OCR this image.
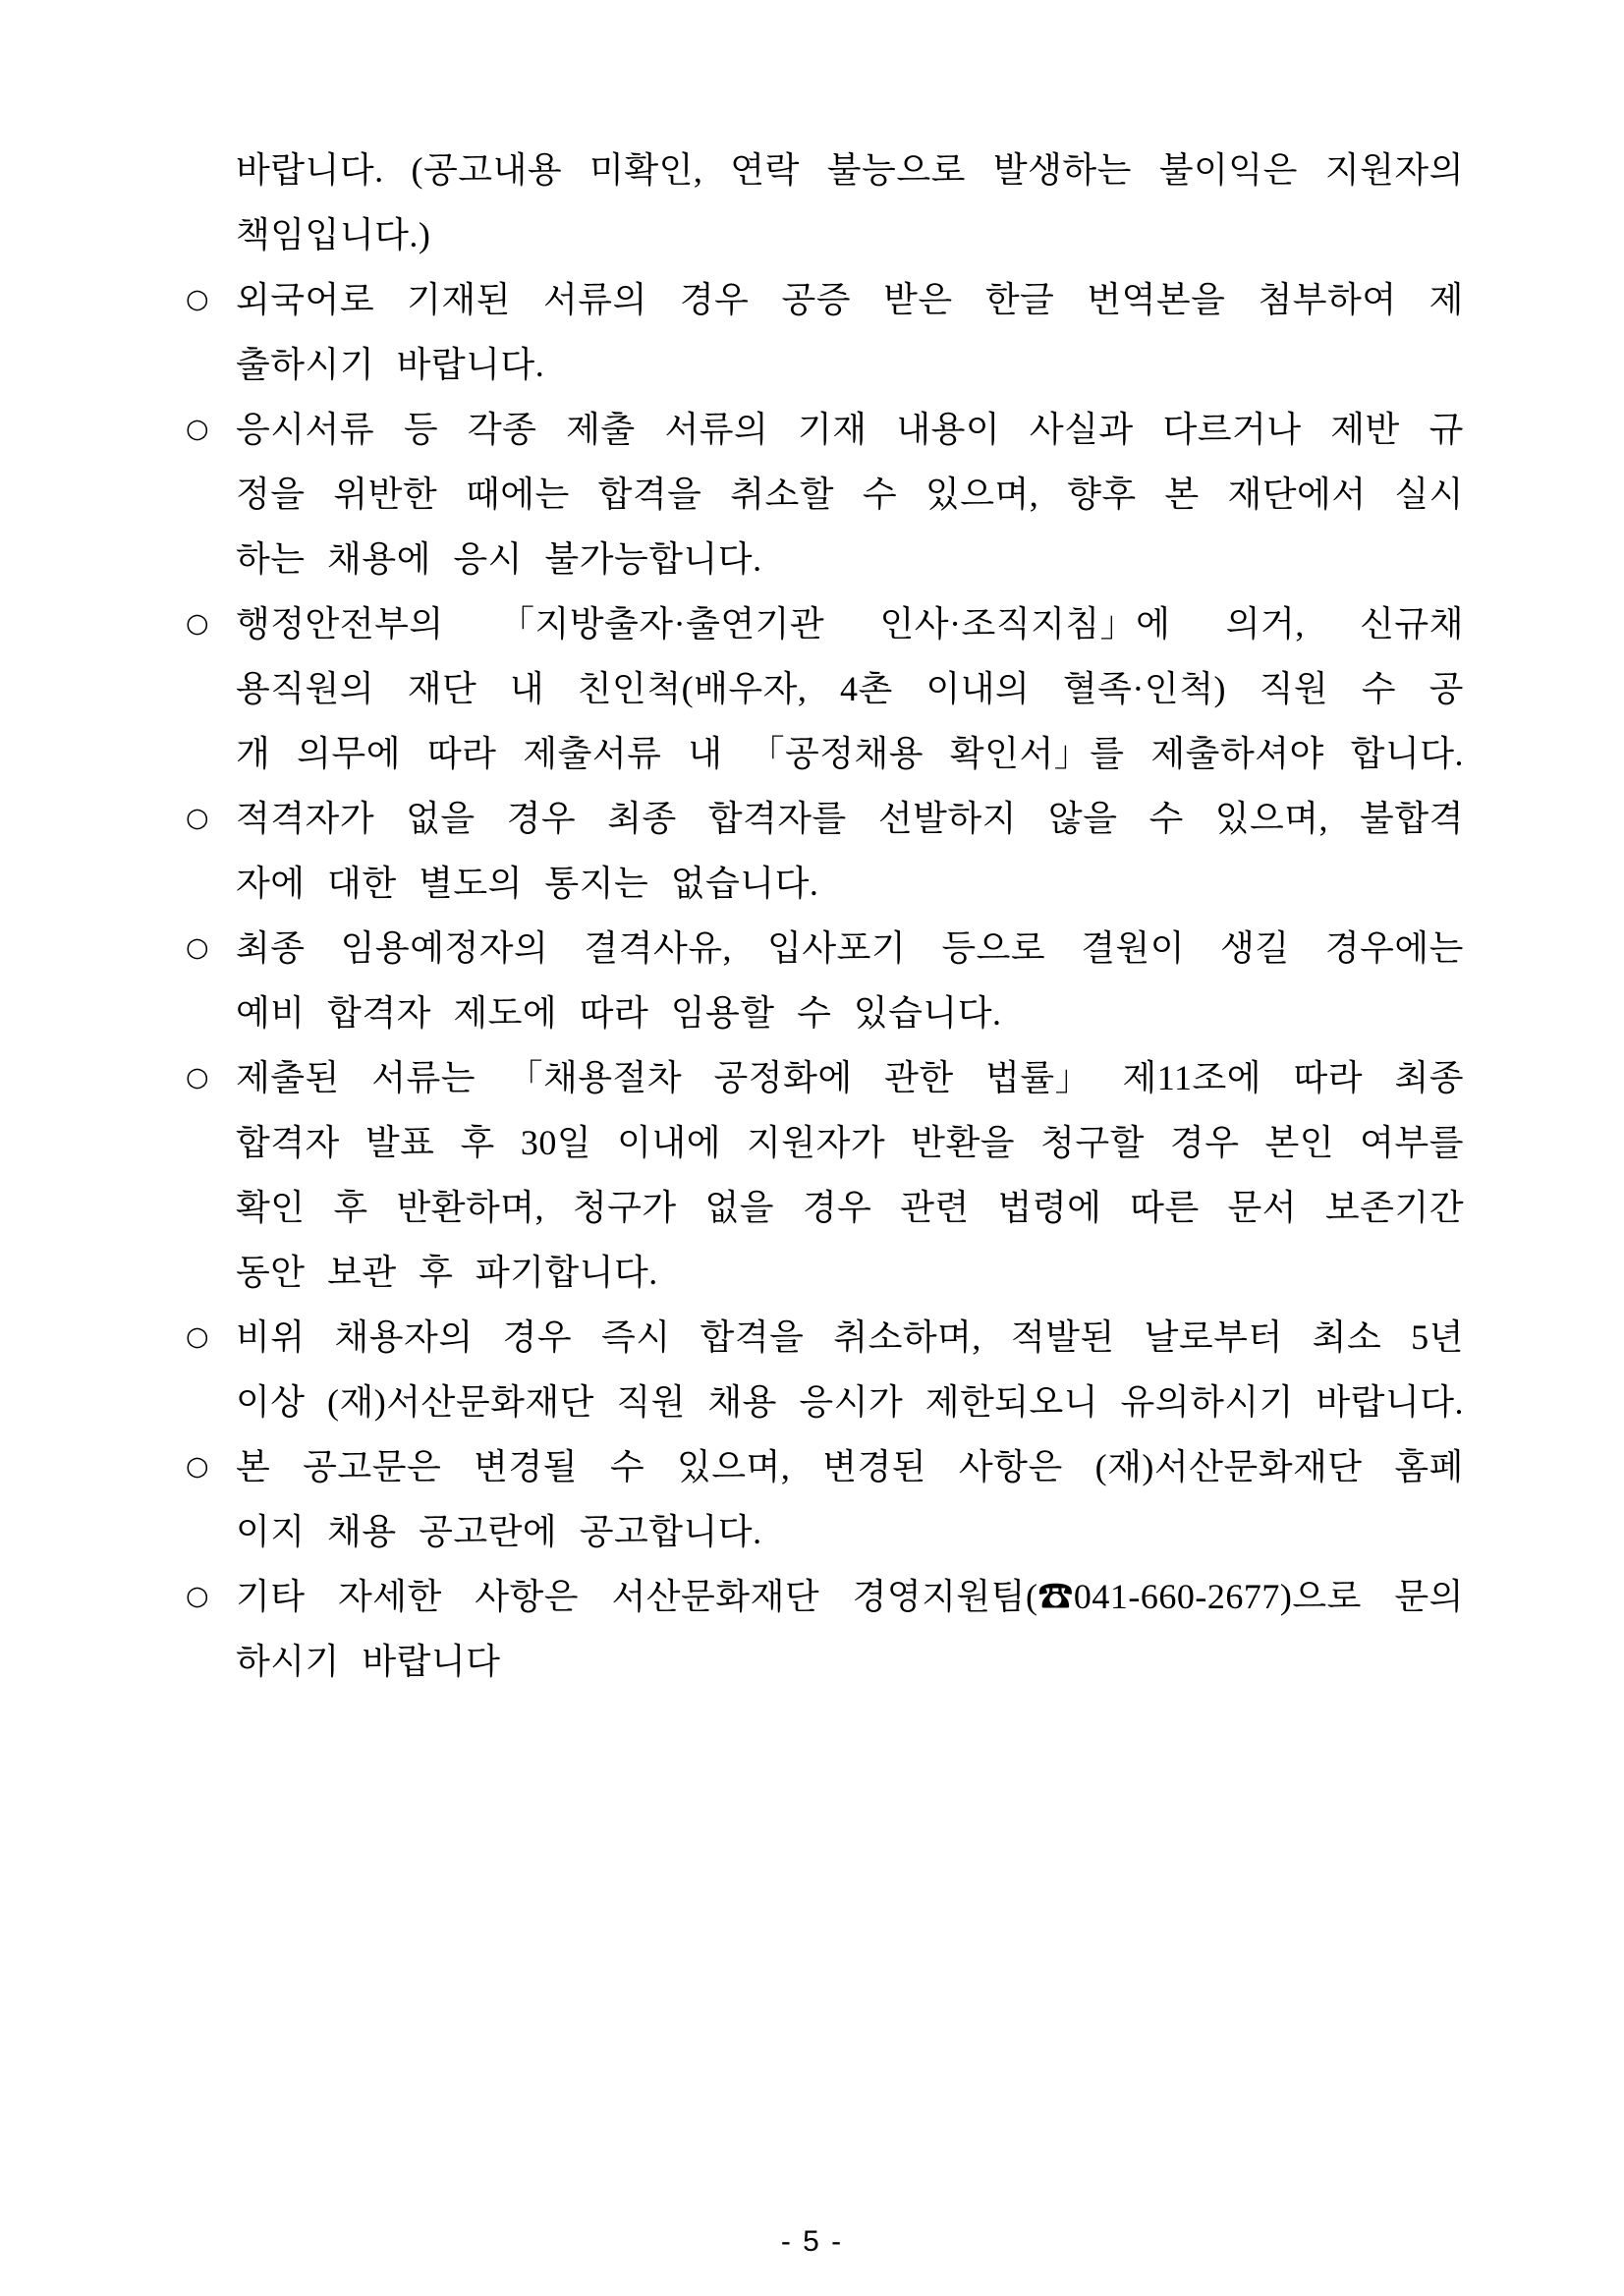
바랍니다. (공고내용 미확인, 연락 불능으로 발생하는 불이익은 지원자의
책임입니다.)
○ 외국어로 기재된 서류의 경우 공증 받은 한글 번역본을 첨부하여 제
출하시기 바랍니다.
○ 응시서류 등 각종 제출 서류의 기재 내용이 사실과 다르거나 제반 규
정을 위반한 때에는 합격을 취소할 수 있으며, 향후 본 재단에서 실시
하는 채용에 응시 불가능합니다.
○ 행정안전부의 「지방출자·출연기관 인사·조직지침」에 의거, 신규채
용직원의 재단 내 친인척(배우자, 4촌 이내의 혈족·인척) 직원 수 공
개 의무에 따라 제출서류 내 「공정채용 확인서」를 제출하셔야 합니다.
○ 적격자가 없을 경우 최종 합격자를 선발하지 않을 수 있으며, 불합격
자에 대한 별도의 통지는 없습니다.
○ 최종 임용예정자의 결격사유, 입사포기 등으로 결원이 생길 경우에는
예비 합격자 제도에 따라 임용할 수 있습니다.
○ 제출된 서류는 「채용절차 공정화에 관한 법률」 제11조에 따라 최종
합격자 발표 후 30일 이내에 지원자가 반환을 청구할 경우 본인 여부를
확인 후 반환하며, 청구가 없을 경우 관련 법령에 따른 문서 보존기간
동안 보관 후 파기합니다.
○ 비위 채용자의 경우 즉시 합격을 취소하며, 적발된 날로부터 최소 5년
이상 (재)서산문화재단 직원 채용 응시가 제한되오니 유의하시기 바랍니다.
○ 본 공고문은 변경될 수 있으며, 변경된 사항은 (재)서산문화재단 홈페
이지 채용 공고란에 공고합니다.
○ 기타 자세한 사항은 서산문화재단 경영지원팀(☎041-660-2677)으로 문의
하시기 바랍니다
- 5 -
